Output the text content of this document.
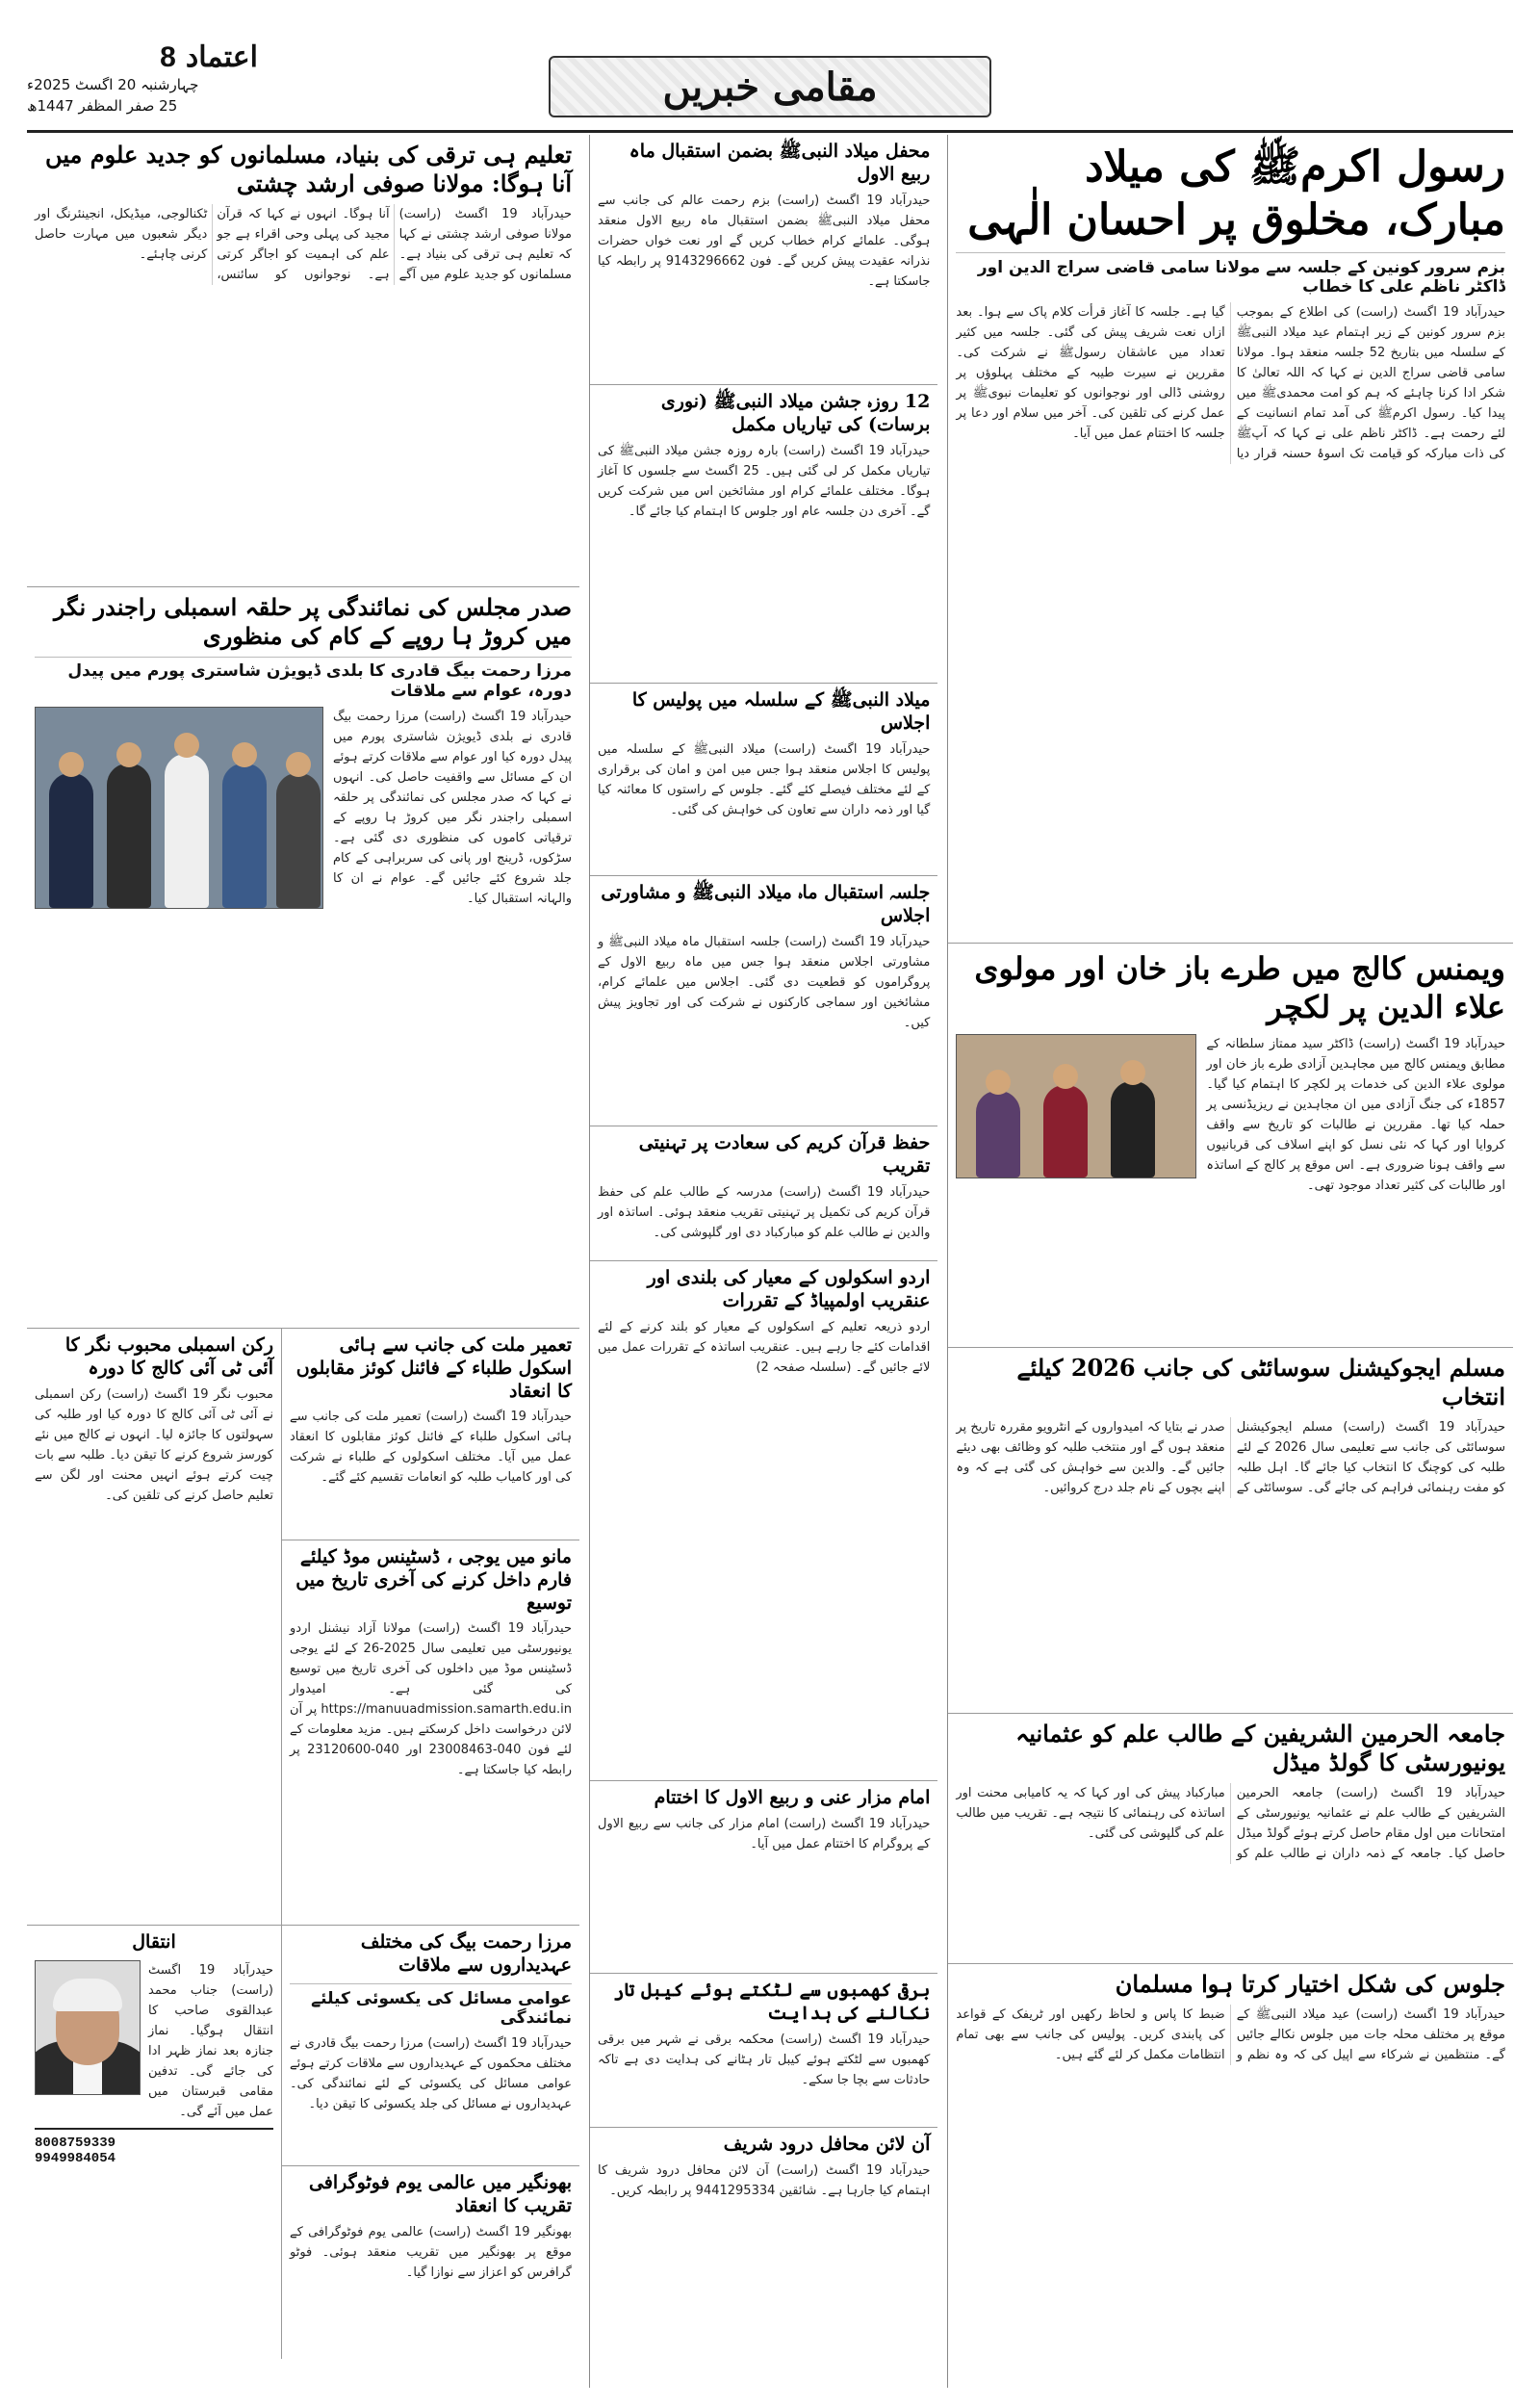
8 اعتماد
چہارشنبہ 20 اگسٹ 2025ء
25 صفر المظفر 1447ھ	مقامی خبریں
رسول اکرمﷺ کی میلاد مبارک، مخلوق پر احسان الٰہی
بزم سرور کونین کے جلسہ سے مولانا سامی قاضی سراج الدین اور ڈاکٹر ناظم علی کا خطاب
حیدرآباد 19 اگسٹ (راست) کی اطلاع کے بموجب بزم سرور کونین کے زیر اہتمام عید میلاد النبیﷺ کے سلسلہ میں بتاریخ 52 جلسہ منعقد ہوا۔ مولانا سامی قاضی سراج الدین نے کہا کہ اللہ تعالیٰ کا شکر ادا کرنا چاہئے کہ ہم کو امت محمدیﷺ میں پیدا کیا۔ رسول اکرمﷺ کی آمد تمام انسانیت کے لئے رحمت ہے۔ ڈاکٹر ناظم علی نے کہا کہ آپﷺ کی ذات مبارکہ کو قیامت تک اسوۂ حسنہ قرار دیا گیا ہے۔ جلسہ کا آغاز قرأت کلام پاک سے ہوا۔ بعد ازاں نعت شریف پیش کی گئی۔ جلسہ میں کثیر تعداد میں عاشقان رسولﷺ نے شرکت کی۔ مقررین نے سیرت طیبہ کے مختلف پہلوؤں پر روشنی ڈالی اور نوجوانوں کو تعلیمات نبویﷺ پر عمل کرنے کی تلقین کی۔ آخر میں سلام اور دعا پر جلسہ کا اختتام عمل میں آیا۔
ویمنس کالج میں طرے باز خان اور مولوی علاء الدین پر لکچر
حیدرآباد 19 اگسٹ (راست) ڈاکٹر سید ممتاز سلطانہ کے مطابق ویمنس کالج میں مجاہدین آزادی طرے باز خان اور مولوی علاء الدین کی خدمات پر لکچر کا اہتمام کیا گیا۔ 1857ء کی جنگ آزادی میں ان مجاہدین نے ریزیڈنسی پر حملہ کیا تھا۔ مقررین نے طالبات کو تاریخ سے واقف کروایا اور کہا کہ نئی نسل کو اپنے اسلاف کی قربانیوں سے واقف ہونا ضروری ہے۔ اس موقع پر کالج کے اساتذہ اور طالبات کی کثیر تعداد موجود تھی۔
مسلم ایجوکیشنل سوسائٹی کی جانب 2026 کیلئے انتخاب
حیدرآباد 19 اگسٹ (راست) مسلم ایجوکیشنل سوسائٹی کی جانب سے تعلیمی سال 2026 کے لئے طلبہ کی کوچنگ کا انتخاب کیا جائے گا۔ اہل طلبہ کو مفت رہنمائی فراہم کی جائے گی۔ سوسائٹی کے صدر نے بتایا کہ امیدواروں کے انٹرویو مقررہ تاریخ پر منعقد ہوں گے اور منتخب طلبہ کو وظائف بھی دیئے جائیں گے۔ والدین سے خواہش کی گئی ہے کہ وہ اپنے بچوں کے نام جلد درج کروائیں۔
جامعہ الحرمین الشریفین کے طالب علم کو عثمانیہ یونیورسٹی کا گولڈ میڈل
حیدرآباد 19 اگسٹ (راست) جامعہ الحرمین الشریفین کے طالب علم نے عثمانیہ یونیورسٹی کے امتحانات میں اول مقام حاصل کرتے ہوئے گولڈ میڈل حاصل کیا۔ جامعہ کے ذمہ داران نے طالب علم کو مبارکباد پیش کی اور کہا کہ یہ کامیابی محنت اور اساتذہ کی رہنمائی کا نتیجہ ہے۔ تقریب میں طالب علم کی گلپوشی کی گئی۔
جلوس کی شکل اختیار کرتا ہوا مسلمان
حیدرآباد 19 اگسٹ (راست) عید میلاد النبیﷺ کے موقع پر مختلف محلہ جات میں جلوس نکالے جائیں گے۔ منتظمین نے شرکاء سے اپیل کی کہ وہ نظم و ضبط کا پاس و لحاظ رکھیں اور ٹریفک کے قواعد کی پابندی کریں۔ پولیس کی جانب سے بھی تمام انتظامات مکمل کر لئے گئے ہیں۔
محفل میلاد النبیﷺ بضمن استقبال ماہ ربیع الاول
حیدرآباد 19 اگسٹ (راست) بزم رحمت عالم کی جانب سے محفل میلاد النبیﷺ بضمن استقبال ماہ ربیع الاول منعقد ہوگی۔ علمائے کرام خطاب کریں گے اور نعت خواں حضرات نذرانہ عقیدت پیش کریں گے۔ فون 9143296662 پر رابطہ کیا جاسکتا ہے۔
12 روزہ جشن میلاد النبیﷺ (نوری برسات) کی تیاریاں مکمل
حیدرآباد 19 اگسٹ (راست) بارہ روزہ جشن میلاد النبیﷺ کی تیاریاں مکمل کر لی گئی ہیں۔ 25 اگسٹ سے جلسوں کا آغاز ہوگا۔ مختلف علمائے کرام اور مشائخین اس میں شرکت کریں گے۔ آخری دن جلسہ عام اور جلوس کا اہتمام کیا جائے گا۔
میلاد النبیﷺ کے سلسلہ میں پولیس کا اجلاس
حیدرآباد 19 اگسٹ (راست) میلاد النبیﷺ کے سلسلہ میں پولیس کا اجلاس منعقد ہوا جس میں امن و امان کی برقراری کے لئے مختلف فیصلے کئے گئے۔ جلوس کے راستوں کا معائنہ کیا گیا اور ذمہ داران سے تعاون کی خواہش کی گئی۔
جلسہ استقبال ماہ میلاد النبیﷺ و مشاورتی اجلاس
حیدرآباد 19 اگسٹ (راست) جلسہ استقبال ماہ میلاد النبیﷺ و مشاورتی اجلاس منعقد ہوا جس میں ماہ ربیع الاول کے پروگراموں کو قطعیت دی گئی۔ اجلاس میں علمائے کرام، مشائخین اور سماجی کارکنوں نے شرکت کی اور تجاویز پیش کیں۔
حفظ قرآن کریم کی سعادت پر تہنیتی تقریب
حیدرآباد 19 اگسٹ (راست) مدرسہ کے طالب علم کی حفظ قرآن کریم کی تکمیل پر تہنیتی تقریب منعقد ہوئی۔ اساتذہ اور والدین نے طالب علم کو مبارکباد دی اور گلپوشی کی۔
اردو اسکولوں کے معیار کی بلندی اور عنقریب اولمپیاڈ کے تقررات
اردو ذریعہ تعلیم کے اسکولوں کے معیار کو بلند کرنے کے لئے اقدامات کئے جا رہے ہیں۔ عنقریب اساتذہ کے تقررات عمل میں لائے جائیں گے۔ (سلسلہ صفحہ 2)
امام مزار عنی و ربیع الاول کا اختتام
حیدرآباد 19 اگسٹ (راست) امام مزار کی جانب سے ربیع الاول کے پروگرام کا اختتام عمل میں آیا۔
برقی کھمبوں سے لٹکتے ہوئے کیبل تار نکالنے کی ہدایت
حیدرآباد 19 اگسٹ (راست) محکمہ برقی نے شہر میں برقی کھمبوں سے لٹکتے ہوئے کیبل تار ہٹانے کی ہدایت دی ہے تاکہ حادثات سے بچا جا سکے۔
آن لائن محافل درود شریف
حیدرآباد 19 اگسٹ (راست) آن لائن محافل درود شریف کا اہتمام کیا جارہا ہے۔ شائقین 9441295334 پر رابطہ کریں۔
تعلیم ہی ترقی کی بنیاد، مسلمانوں کو جدید علوم میں آنا ہوگا: مولانا صوفی ارشد چشتی
حیدرآباد 19 اگسٹ (راست) مولانا صوفی ارشد چشتی نے کہا کہ تعلیم ہی ترقی کی بنیاد ہے۔ مسلمانوں کو جدید علوم میں آگے آنا ہوگا۔ انہوں نے کہا کہ قرآن مجید کی پہلی وحی اقراء ہے جو علم کی اہمیت کو اجاگر کرتی ہے۔ نوجوانوں کو سائنس، ٹکنالوجی، میڈیکل، انجینئرنگ اور دیگر شعبوں میں مہارت حاصل کرنی چاہئے۔
صدر مجلس کی نمائندگی پر حلقہ اسمبلی راجندر نگر میں کروڑ ہا روپے کے کام کی منظوری
مرزا رحمت بیگ قادری کا بلدی ڈیویژن شاستری پورم میں پیدل دورہ، عوام سے ملاقات
حیدرآباد 19 اگسٹ (راست) مرزا رحمت بیگ قادری نے بلدی ڈیویژن شاستری پورم میں پیدل دورہ کیا اور عوام سے ملاقات کرتے ہوئے ان کے مسائل سے واقفیت حاصل کی۔ انہوں نے کہا کہ صدر مجلس کی نمائندگی پر حلقہ اسمبلی راجندر نگر میں کروڑ ہا روپے کے ترقیاتی کاموں کی منظوری دی گئی ہے۔ سڑکوں، ڈرینج اور پانی کی سربراہی کے کام جلد شروع کئے جائیں گے۔ عوام نے ان کا والہانہ استقبال کیا۔
تعمیر ملت کی جانب سے ہائی اسکول طلباء کے فائنل کوئز مقابلوں کا انعقاد
حیدرآباد 19 اگسٹ (راست) تعمیر ملت کی جانب سے ہائی اسکول طلباء کے فائنل کوئز مقابلوں کا انعقاد عمل میں آیا۔ مختلف اسکولوں کے طلباء نے شرکت کی اور کامیاب طلبہ کو انعامات تقسیم کئے گئے۔
مانو میں یوجی ، ڈسٹینس موڈ کیلئے فارم داخل کرنے کی آخری تاریخ میں توسیع
حیدرآباد 19 اگسٹ (راست) مولانا آزاد نیشنل اردو یونیورسٹی میں تعلیمی سال 2025-26 کے لئے یوجی ڈسٹینس موڈ میں داخلوں کی آخری تاریخ میں توسیع کی گئی ہے۔ امیدوار https://manuuadmission.samarth.edu.in پر آن لائن درخواست داخل کرسکتے ہیں۔ مزید معلومات کے لئے فون 040-23008463 اور 040-23120600 پر رابطہ کیا جاسکتا ہے۔
مرزا رحمت بیگ کی مختلف عہدیداروں سے ملاقات
عوامی مسائل کی یکسوئی کیلئے نمائندگی
حیدرآباد 19 اگسٹ (راست) مرزا رحمت بیگ قادری نے مختلف محکموں کے عہدیداروں سے ملاقات کرتے ہوئے عوامی مسائل کی یکسوئی کے لئے نمائندگی کی۔ عہدیداروں نے مسائل کی جلد یکسوئی کا تیقن دیا۔
بھونگیر میں عالمی یوم فوٹوگرافی تقریب کا انعقاد
بھونگیر 19 اگسٹ (راست) عالمی یوم فوٹوگرافی کے موقع پر بھونگیر میں تقریب منعقد ہوئی۔ فوٹو گرافرس کو اعزاز سے نوازا گیا۔
رکن اسمبلی محبوب نگر کا آئی ٹی آئی کالج کا دورہ
محبوب نگر 19 اگسٹ (راست) رکن اسمبلی نے آئی ٹی آئی کالج کا دورہ کیا اور طلبہ کی سہولتوں کا جائزہ لیا۔ انہوں نے کالج میں نئے کورسز شروع کرنے کا تیقن دیا۔ طلبہ سے بات چیت کرتے ہوئے انہیں محنت اور لگن سے تعلیم حاصل کرنے کی تلقین کی۔
انتقال
حیدرآباد 19 اگسٹ (راست) جناب محمد عبدالقوی صاحب کا انتقال ہوگیا۔ نماز جنازہ بعد نماز ظہر ادا کی جائے گی۔ تدفین مقامی قبرستان میں عمل میں آئے گی۔
8008759339
9949984054
